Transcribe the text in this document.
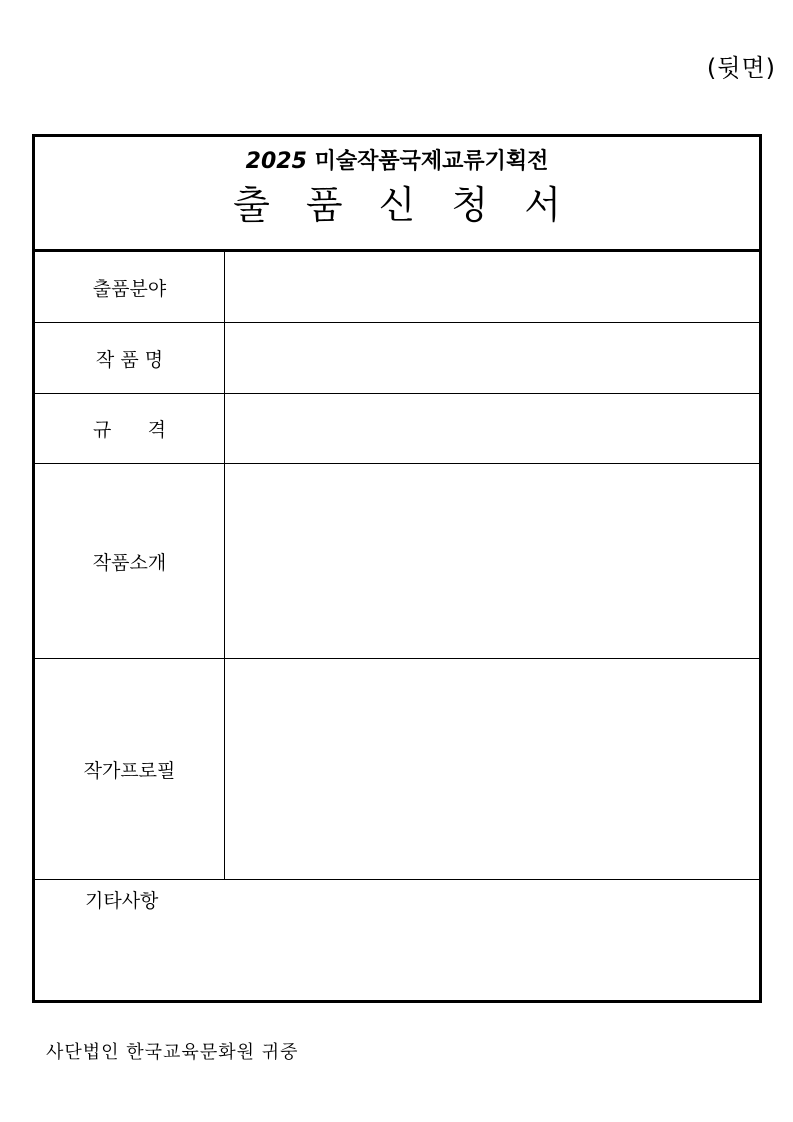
(뒷면)
2025 미술작품국제교류기획전
출 품 신 청 서
출품분야
작 품 명
규      격
작품소개
작가프로필
기타사항
사단법인 한국교육문화원 귀중
